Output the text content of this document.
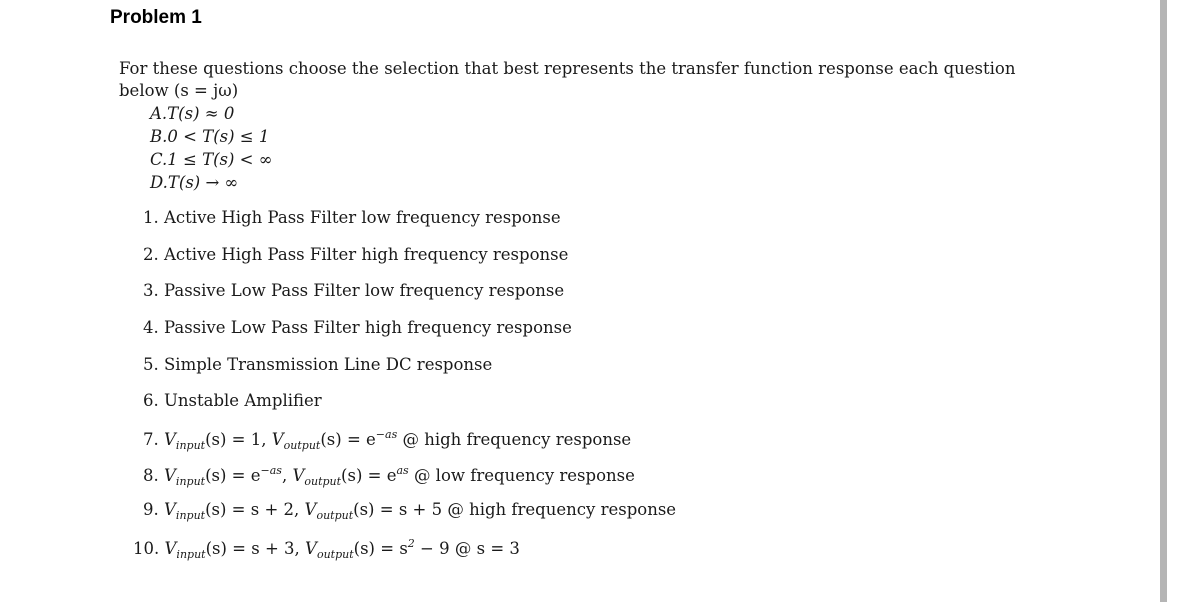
Problem 1
For these questions choose the selection that best represents the transfer function response each question below (s = jω)
A.T(s) ≈ 0
B.0 < T(s) ≤ 1
C.1 ≤ T(s) < ∞
D.T(s) → ∞
1. Active High Pass Filter low frequency response
2. Active High Pass Filter high frequency response
3. Passive Low Pass Filter low frequency response
4. Passive Low Pass Filter high frequency response
5. Simple Transmission Line DC response
6. Unstable Amplifier
7. $V_{input}(s) = 1$, $V_{output}(s) = e^{-as}$ @ high frequency response
8. $V_{input}(s) = e^{-as}$, $V_{output}(s) = e^{as}$ @ low frequency response
9. $V_{input}(s) = s + 2$, $V_{output}(s) = s + 5$ @ high frequency response
10. $V_{input}(s) = s + 3$, $V_{output}(s) = s^2 - 9$ @ s = 3
